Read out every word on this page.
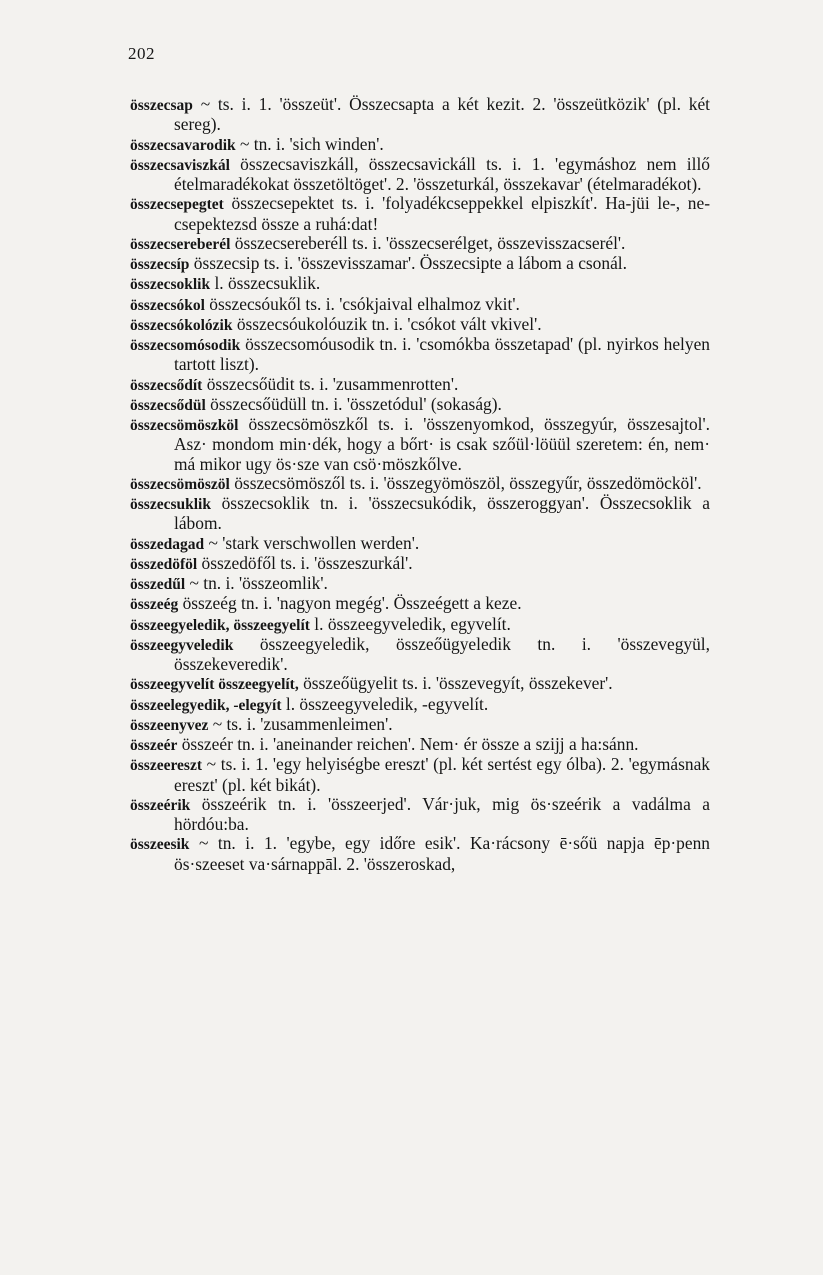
202

összecsap ~ ts. i. 1. 'összeüt'. Összecsapta a két kezit. 2. 'összeütközik' (pl. két sereg).

összecsavarodik ~ tn. i. 'sich winden'.

összecsaviszkál összecsaviszkáll, összecsavickáll ts. i. 1. 'egymáshoz nem illő ételmaradékokat összetöltöget'. 2. 'összeturkál, összekavar' (ételmaradékot).

összecsepegtet összecsepektet ts. i. 'folyadékcseppekkel elpiszkít'. Ha-jüi le-, ne- csepektezsd össze a ruhá:dat!

összecsereberél összecsereberéll ts. i. 'összecserélget, összevisszacserél'.

összecsíp összecsip ts. i. 'összevisszamar'. Összecsipte a lábom a csonál.

összecsoklik l. összecsuklik.

összecsókol összecsóukől ts. i. 'csókjaival elhalmoz vkit'.

összecsókolózik összecsóukolóuzik tn. i. 'csókot vált vkivel'.

összecsomósodik összecsomóusodik tn. i. 'csomókba összetapad' (pl. nyirkos helyen tartott liszt).

összecsődít összecsőüdit ts. i. 'zusammenrotten'.

összecsődül összecsőüdüll tn. i. 'összetódul' (sokaság).

összecsömöszköl összecsömöszkől ts. i. 'összenyomkod, összegyúr, összesajtol'. Asz· mondom min·dék, hogy a bőrt· is csak szőül·löüül szeretem: én, nem· má mikor ugy ös·sze van csö·möszkőlve.

összecsömöszöl összecsömöszől ts. i. 'összegyömöszöl, összegyűr, összedömöcköl'.

összecsuklik összecsoklik tn. i. 'összecsukódik, összeroggyan'. Összecsoklik a lábom.

összedagad ~ 'stark verschwollen werden'.

összedöföl összedöfől ts. i. 'összeszurkál'.

összedűl ~ tn. i. 'összeomlik'.

összeég összeég tn. i. 'nagyon megég'. Összeégett a keze.

összeegyeledik, összeegyelít l. összeegyveledik, egyvelít.

összeegyveledik összeegyeledik, összeőügyeledik tn. i. 'összevegyül, összekeveredik'.

összeegyvelít összeegyelít, összeőügyelit ts. i. 'összevegyít, összekever'.

összeelegyedik, -elegyít l. összeegyveledik, -egyvelít.

összeenyvez ~ ts. i. 'zusammenleimen'.

összeér összeér tn. i. 'aneinander reichen'. Nem· ér össze a szijj a ha:sánn.

összeereszt ~ ts. i. 1. 'egy helyiségbe ereszt' (pl. két sertést egy ólba). 2. 'egymásnak ereszt' (pl. két bikát).

összeérik összeérik tn. i. 'összeerjed'. Vár·juk, mig ös·szeérik a vadálma a hördóu:ba.

összeesik ~ tn. i. 1. 'egybe, egy időre esik'. Ka·rácsony ē·sőü napja ēp·penn ös·szeeset va·sárnappāl. 2. 'összeroskad,
